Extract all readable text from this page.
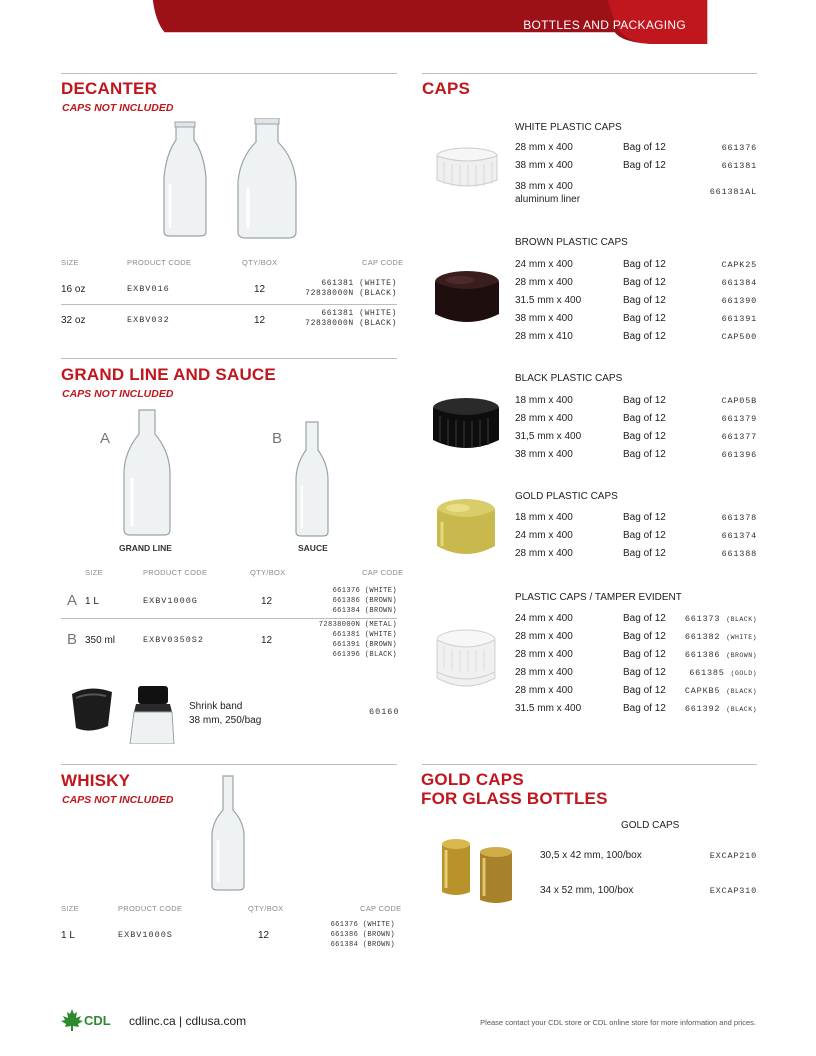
2026	BOTTLES AND PACKAGING 121
DECANTER
CAPS NOT INCLUDED
SIZE	PRODUCT CODE	QTY/BOX	CAP CODE
16 oz	EXBV016	12
661381 (WHITE)
72838000N (BLACK)
32 oz	EXBV032	12
661381 (WHITE)
72838000N (BLACK)
GRAND LINE AND SAUCE
CAPS NOT INCLUDED
A	B
GRAND LINE	SAUCE
SIZE	PRODUCT CODE	QTY/BOX	CAP CODE
A 1 L	EXBV1000G	12
661376 (WHITE)
661386 (BROWN)
661384 (BROWN)
B 350 ml	EXBV0350S2	12
72838000N (METAL)
661381 (WHITE)
661391 (BROWN)
661396 (BLACK)
Shrink band
38 mm, 250/bag
60160
WHISKY
CAPS NOT INCLUDED
SIZE	PRODUCT CODE	QTY/BOX	CAP CODE
1 L	EXBV1000S	12
661376 (WHITE)
661386 (BROWN)
661384 (BROWN)
CAPS
WHITE PLASTIC CAPS
28 mm x 400	Bag of 12	661376
38 mm x 400	Bag of 12	661381
38 mm x 400
aluminum liner
661381AL
BROWN PLASTIC CAPS
24 mm x 400	Bag of 12	CAPK25
28 mm x 400	Bag of 12	661384
31.5 mm x 400	Bag of 12	661390
38 mm x 400	Bag of 12	661391
28 mm x 410	Bag of 12	CAP500
BLACK PLASTIC CAPS
18 mm x 400	Bag of 12	CAP05B
28 mm x 400	Bag of 12	661379
31,5 mm x 400	Bag of 12	661377
38 mm x 400	Bag of 12	661396
GOLD PLASTIC CAPS
18 mm x 400	Bag of 12	661378
24 mm x 400	Bag of 12	661374
28 mm x 400	Bag of 12	661388
PLASTIC CAPS / TAMPER EVIDENT
24 mm x 400	Bag of 12 661373 (BLACK)
28 mm x 400	Bag of 12 661382 (WHITE)
28 mm x 400	Bag of 12 661386 (BROWN)
28 mm x 400	Bag of 12	661385 (GOLD)
28 mm x 400	Bag of 12 CAPKB5 (BLACK)
31.5 mm x 400	Bag of 12 661392 (BLACK)
GOLD CAPS
FOR GLASS BOTTLES
GOLD CAPS
30,5 x 42 mm, 100/box	EXCAP210
34 x 52 mm, 100/box	EXCAP310
CDL cdlinc.ca | cdlusa.com	Please contact your CDL store or CDL online store for more information and prices.
